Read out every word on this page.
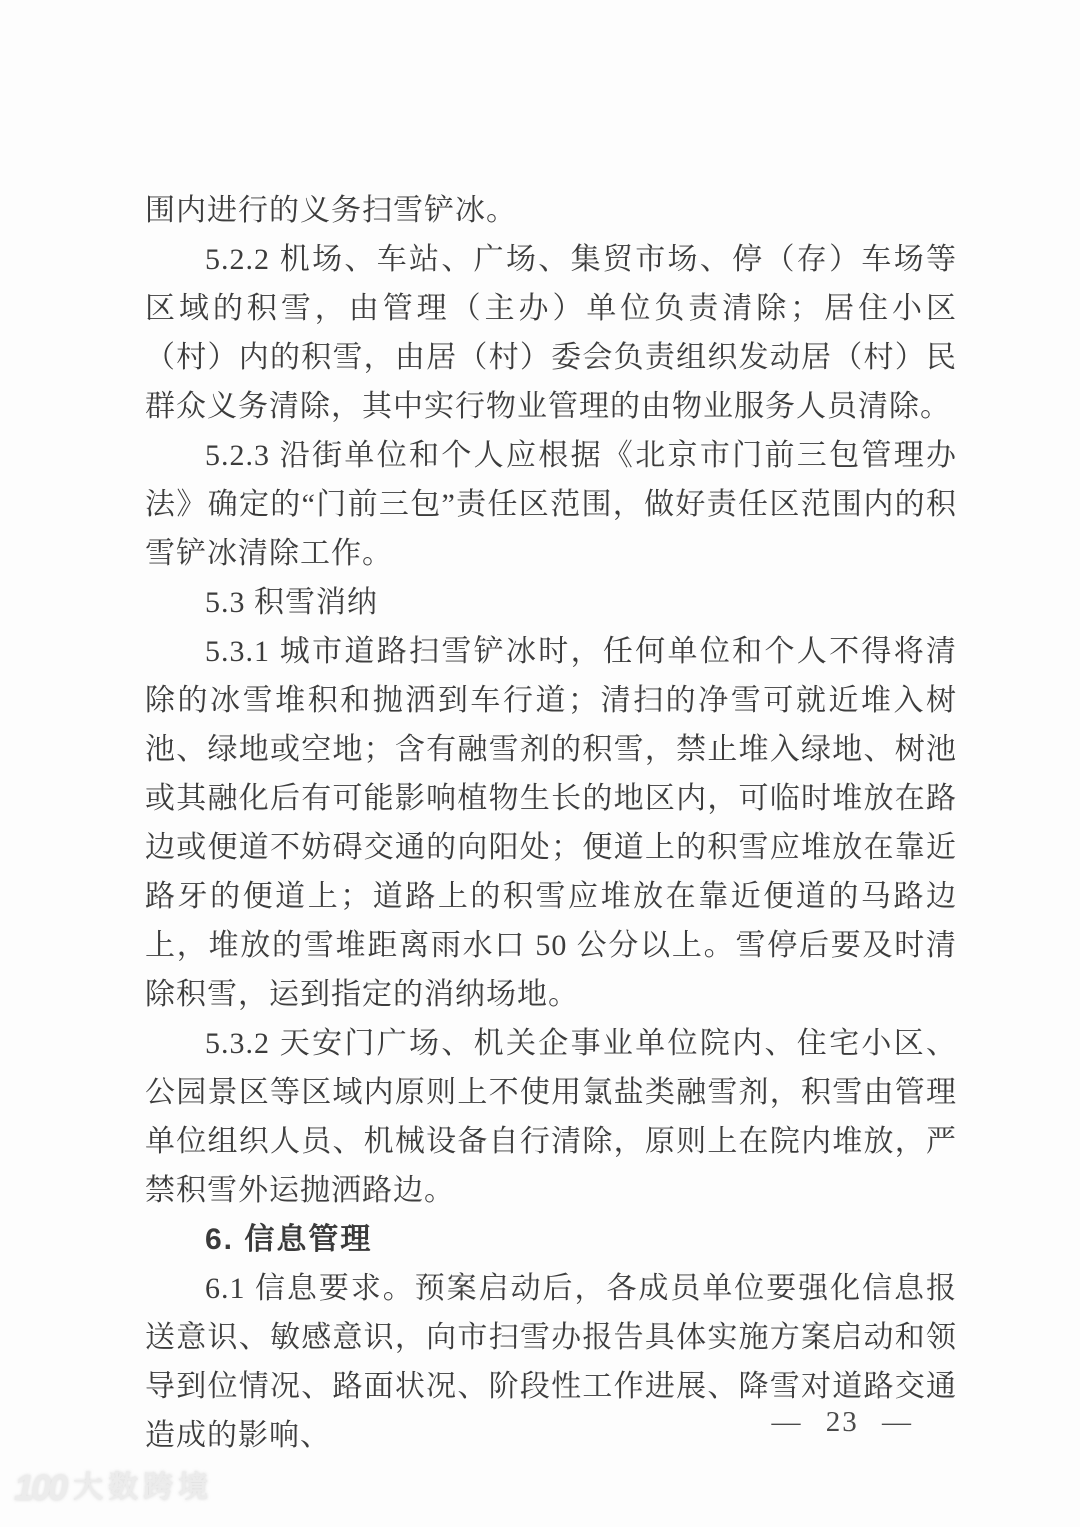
围内进行的义务扫雪铲冰。

5.2.2 机场、车站、广场、集贸市场、停（存）车场等区域的积雪，由管理（主办）单位负责清除；居住小区（村）内的积雪，由居（村）委会负责组织发动居（村）民群众义务清除，其中实行物业管理的由物业服务人员清除。

5.2.3 沿街单位和个人应根据《北京市门前三包管理办法》确定的“门前三包”责任区范围，做好责任区范围内的积雪铲冰清除工作。

5.3 积雪消纳

5.3.1 城市道路扫雪铲冰时，任何单位和个人不得将清除的冰雪堆积和抛洒到车行道；清扫的净雪可就近堆入树池、绿地或空地；含有融雪剂的积雪，禁止堆入绿地、树池或其融化后有可能影响植物生长的地区内，可临时堆放在路边或便道不妨碍交通的向阳处；便道上的积雪应堆放在靠近路牙的便道上；道路上的积雪应堆放在靠近便道的马路边上，堆放的雪堆距离雨水口 50 公分以上。雪停后要及时清除积雪，运到指定的消纳场地。

5.3.2 天安门广场、机关企事业单位院内、住宅小区、公园景区等区域内原则上不使用氯盐类融雪剂，积雪由管理单位组织人员、机械设备自行清除，原则上在院内堆放，严禁积雪外运抛洒路边。

6. 信息管理

6.1 信息要求。预案启动后，各成员单位要强化信息报送意识、敏感意识，向市扫雪办报告具体实施方案启动和领导到位情况、路面状况、阶段性工作进展、降雪对道路交通造成的影响、	— 23 —
100 大数跨境
